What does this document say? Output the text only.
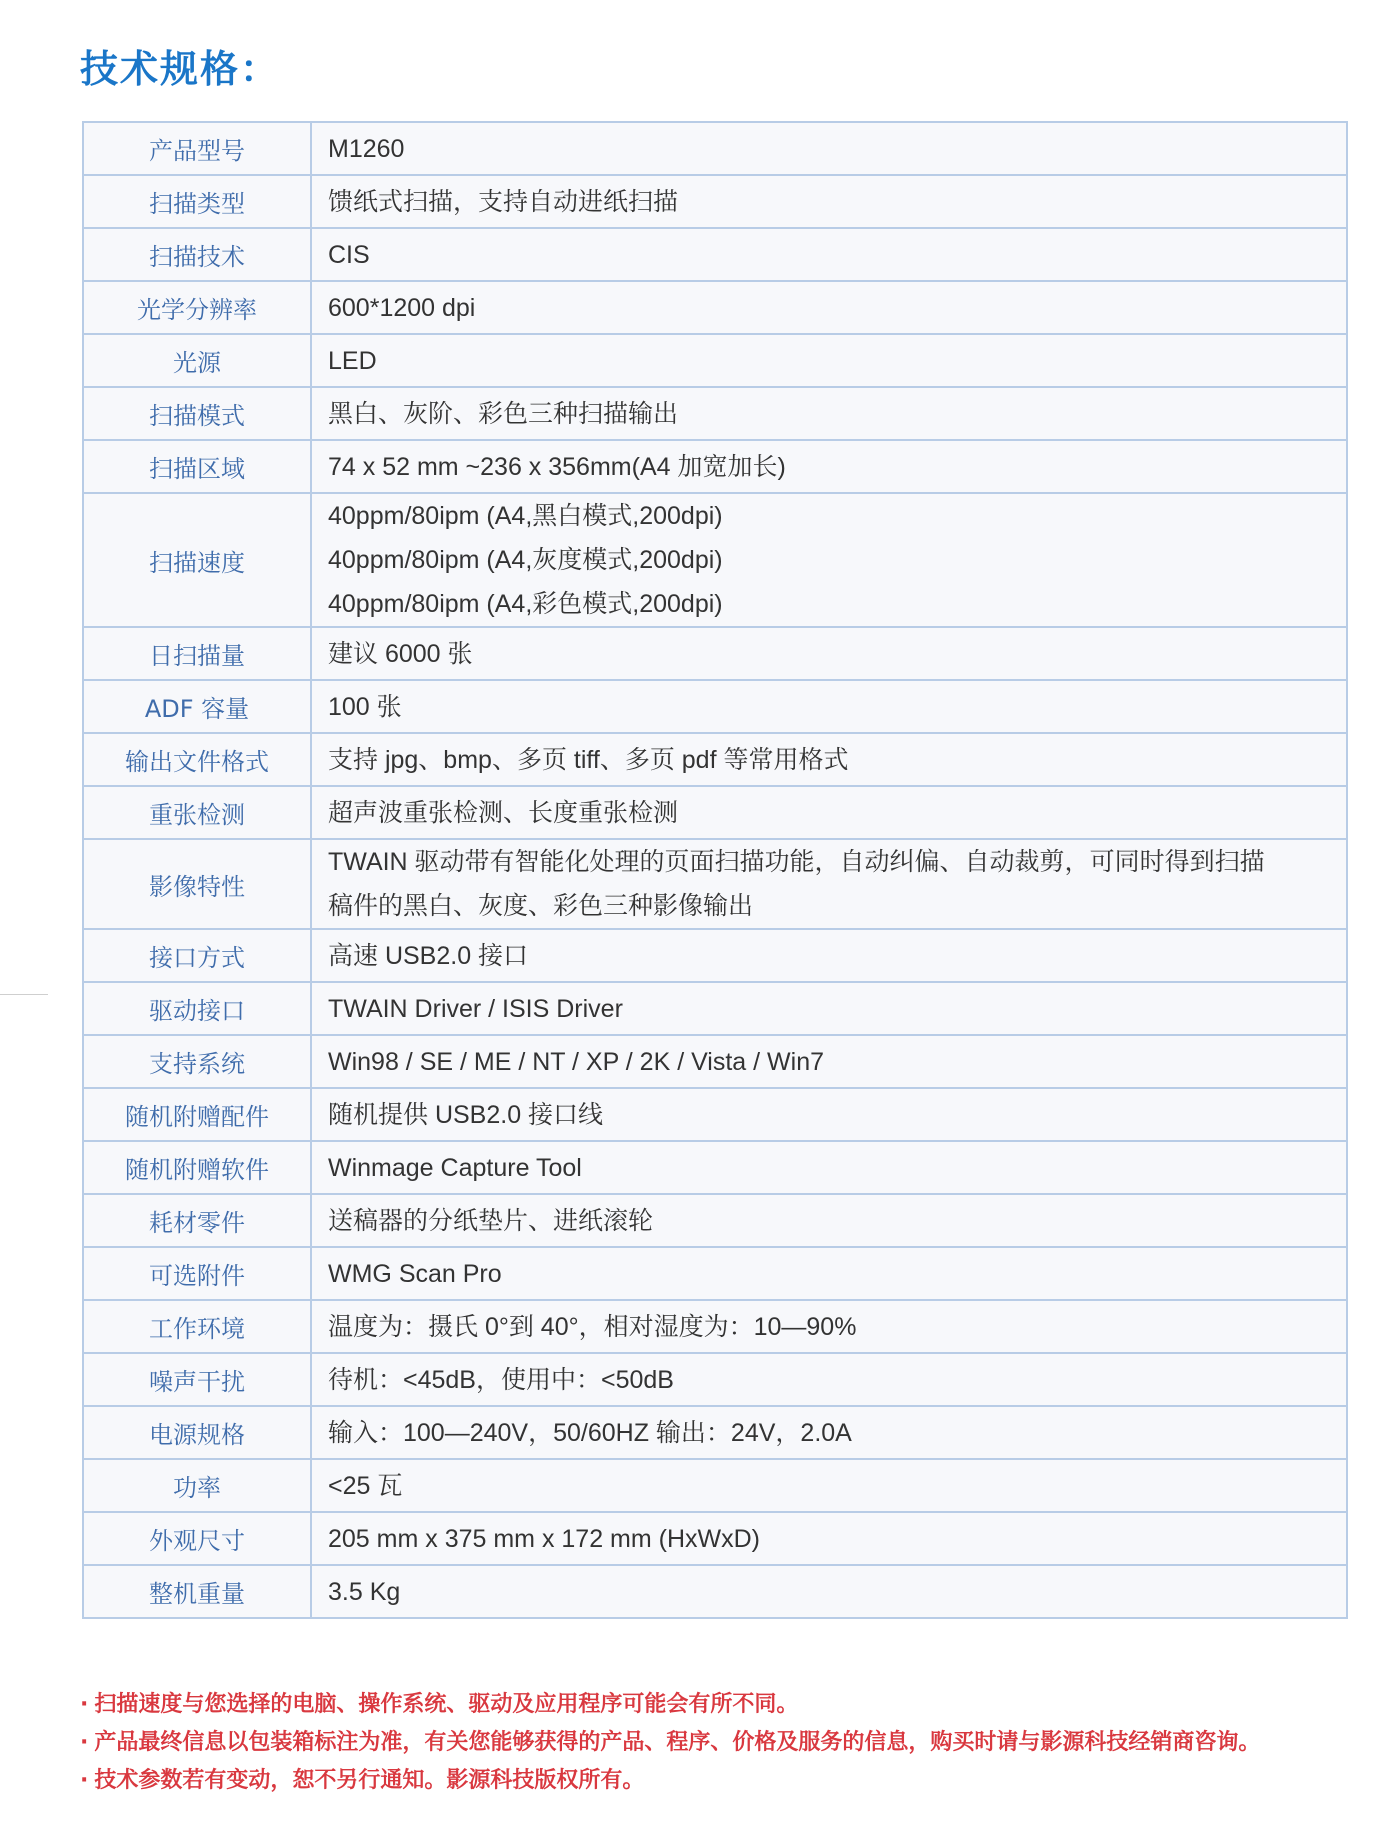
技术规格：
产品型号	M1260

扫描类型	馈纸式扫描，支持自动进纸扫描

扫描技术	CIS

光学分辨率	600*1200 dpi

光源	LED

扫描模式	黑白、灰阶、彩色三种扫描输出

扫描区域	74 x 52 mm ~236 x 356mm(A4 加宽加长)

扫描速度	40ppm/80ipm (A4,黑白模式,200dpi)
40ppm/80ipm (A4,灰度模式,200dpi)
40ppm/80ipm (A4,彩色模式,200dpi)

日扫描量	建议 6000 张

ADF 容量	100 张

输出文件格式	支持 jpg、bmp、多页 tiff、多页 pdf 等常用格式

重张检测	超声波重张检测、长度重张检测

影像特性	TWAIN 驱动带有智能化处理的页面扫描功能，自动纠偏、自动裁剪，可同时得到扫描
稿件的黑白、灰度、彩色三种影像输出

接口方式	高速 USB2.0 接口

驱动接口	TWAIN Driver / ISIS Driver

支持系统	Win98 / SE / ME / NT / XP / 2K / Vista / Win7

随机附赠配件	随机提供 USB2.0 接口线

随机附赠软件	Winmage Capture Tool

耗材零件	送稿器的分纸垫片、进纸滚轮

可选附件	WMG Scan Pro

工作环境	温度为：摄氏 0°到 40°，相对湿度为：10—90%

噪声干扰	待机：<45dB，使用中：<50dB

电源规格	输入：100—240V，50/60HZ 输出：24V，2.0A

功率	<25 瓦

外观尺寸	205 mm x 375 mm x 172 mm (HxWxD)

整机重量	3.5 Kg
· 扫描速度与您选择的电脑、操作系统、驱动及应用程序可能会有所不同。
· 产品最终信息以包装箱标注为准，有关您能够获得的产品、程序、价格及服务的信息，购买时请与影源科技经销商咨询。
· 技术参数若有变动，恕不另行通知。影源科技版权所有。
